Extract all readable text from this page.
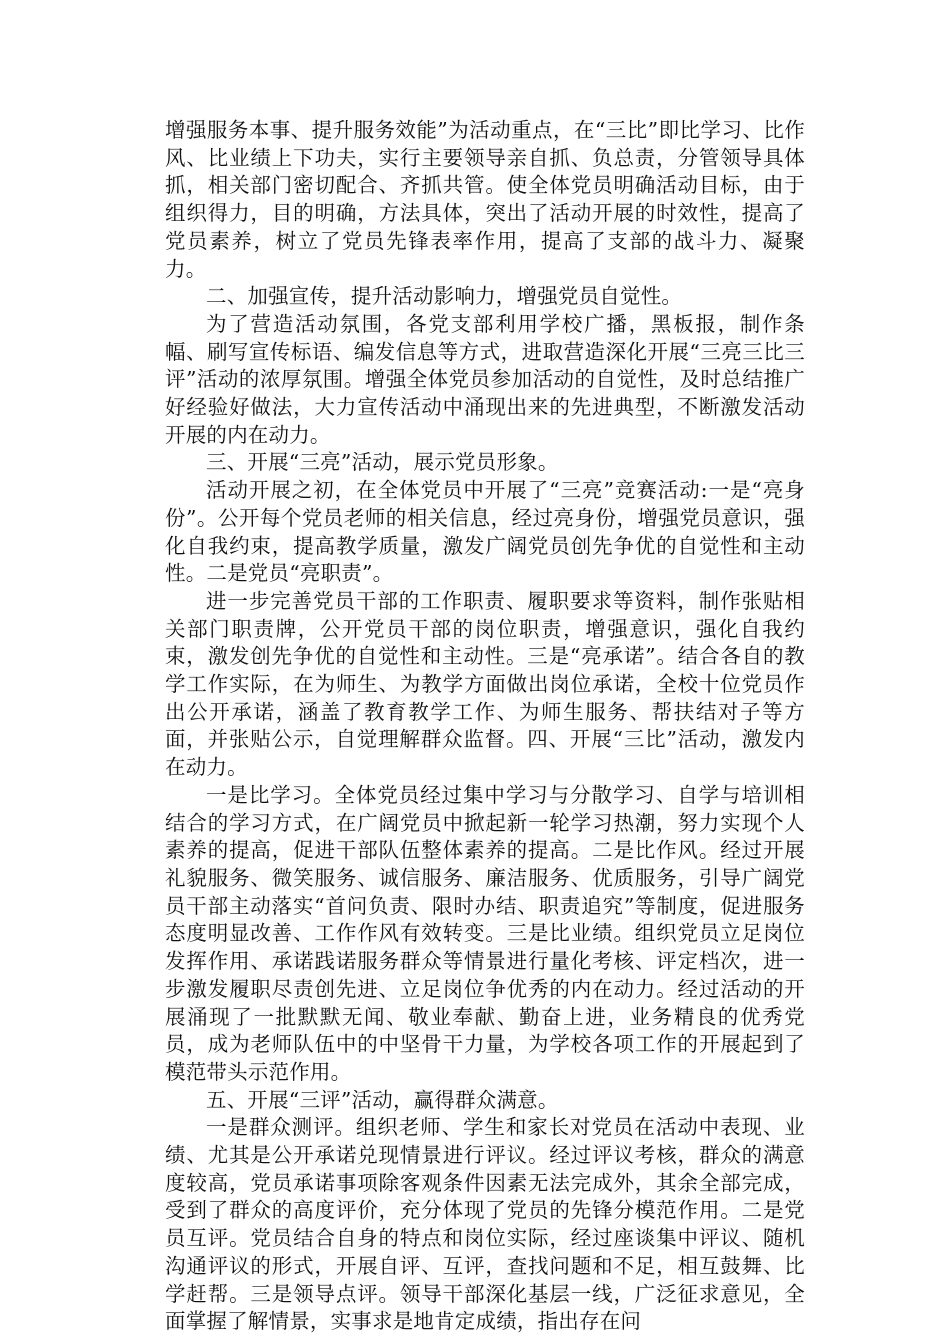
增强服务本事、提升服务效能”为活动重点，在“三比”即比学习、比作风、比业绩上下功夫，实行主要领导亲自抓、负总责，分管领导具体抓，相关部门密切配合、齐抓共管。使全体党员明确活动目标，由于组织得力，目的明确，方法具体，突出了活动开展的时效性，提高了党员素养，树立了党员先锋表率作用，提高了支部的战斗力、凝聚力。

二、加强宣传，提升活动影响力，增强党员自觉性。

为了营造活动氛围，各党支部利用学校广播，黑板报，制作条幅、刷写宣传标语、编发信息等方式，进取营造深化开展“三亮三比三评”活动的浓厚氛围。增强全体党员参加活动的自觉性，及时总结推广好经验好做法，大力宣传活动中涌现出来的先进典型，不断激发活动开展的内在动力。

三、开展“三亮”活动，展示党员形象。

活动开展之初，在全体党员中开展了“三亮”竞赛活动:一是“亮身份”。公开每个党员老师的相关信息，经过亮身份，增强党员意识，强化自我约束，提高教学质量，激发广阔党员创先争优的自觉性和主动性。二是党员“亮职责”。

进一步完善党员干部的工作职责、履职要求等资料，制作张贴相关部门职责牌，公开党员干部的岗位职责，增强意识，强化自我约束，激发创先争优的自觉性和主动性。三是“亮承诺”。结合各自的教学工作实际，在为师生、为教学方面做出岗位承诺，全校十位党员作出公开承诺，涵盖了教育教学工作、为师生服务、帮扶结对子等方面，并张贴公示，自觉理解群众监督。四、开展“三比”活动，激发内在动力。

一是比学习。全体党员经过集中学习与分散学习、自学与培训相结合的学习方式，在广阔党员中掀起新一轮学习热潮，努力实现个人素养的提高，促进干部队伍整体素养的提高。二是比作风。经过开展礼貌服务、微笑服务、诚信服务、廉洁服务、优质服务，引导广阔党员干部主动落实“首问负责、限时办结、职责追究”等制度，促进服务态度明显改善、工作作风有效转变。三是比业绩。组织党员立足岗位发挥作用、承诺践诺服务群众等情景进行量化考核、评定档次，进一步激发履职尽责创先进、立足岗位争优秀的内在动力。经过活动的开展涌现了一批默默无闻、敬业奉献、勤奋上进，业务精良的优秀党员，成为老师队伍中的中坚骨干力量，为学校各项工作的开展起到了模范带头示范作用。

五、开展“三评”活动，赢得群众满意。

一是群众测评。组织老师、学生和家长对党员在活动中表现、业绩、尤其是公开承诺兑现情景进行评议。经过评议考核，群众的满意度较高，党员承诺事项除客观条件因素无法完成外，其余全部完成，受到了群众的高度评价，充分体现了党员的先锋分模范作用。二是党员互评。党员结合自身的特点和岗位实际，经过座谈集中评议、随机沟通评议的形式，开展自评、互评，查找问题和不足，相互鼓舞、比学赶帮。三是领导点评。领导干部深化基层一线，广泛征求意见，全面掌握了解情景，实事求是地肯定成绩，指出存在问
